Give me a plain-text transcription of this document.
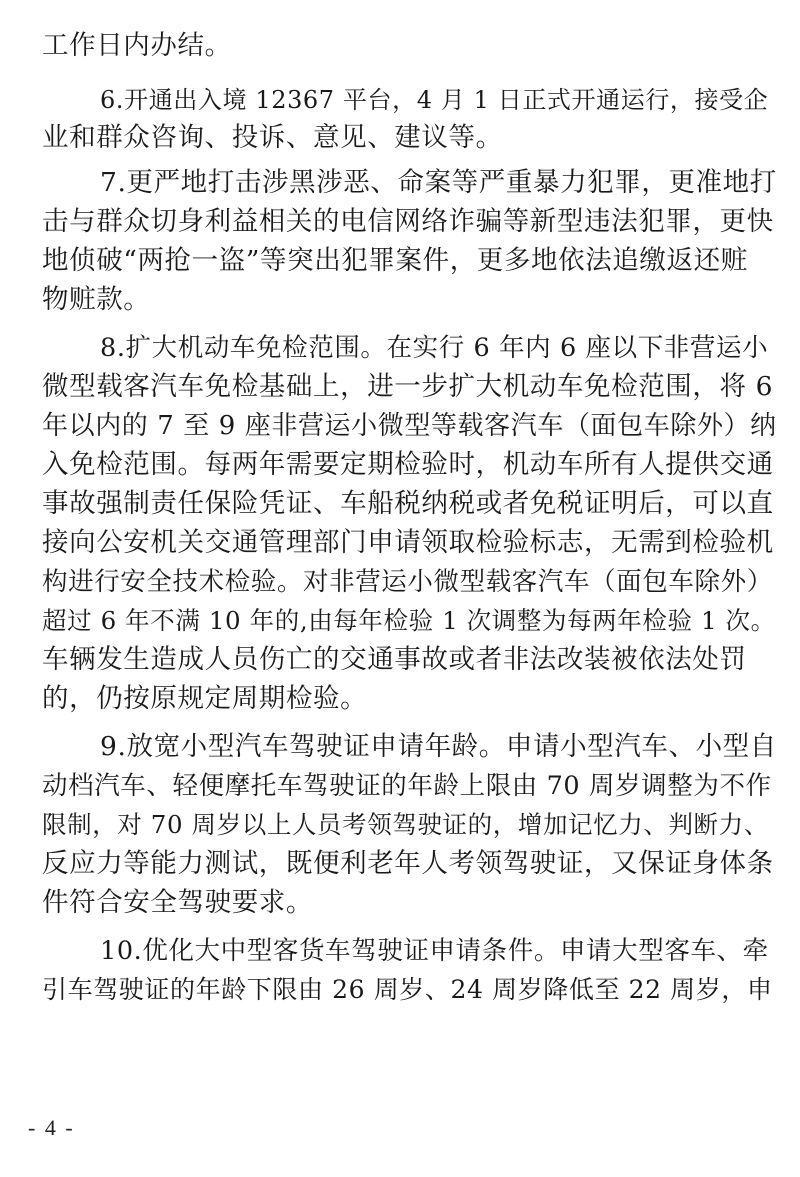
工作日内办结。
6.开通出入境 12367 平台，4 月 1 日正式开通运行，接受企
业和群众咨询、投诉、意见、建议等。
7.更严地打击涉黑涉恶、命案等严重暴力犯罪，更准地打
击与群众切身利益相关的电信网络诈骗等新型违法犯罪，更快
地侦破“两抢一盗”等突出犯罪案件，更多地依法追缴返还赃
物赃款。
8.扩大机动车免检范围。在实行 6 年内 6 座以下非营运小
微型载客汽车免检基础上，进一步扩大机动车免检范围，将 6
年以内的 7 至 9 座非营运小微型等载客汽车（面包车除外）纳
入免检范围。每两年需要定期检验时，机动车所有人提供交通
事故强制责任保险凭证、车船税纳税或者免税证明后，可以直
接向公安机关交通管理部门申请领取检验标志，无需到检验机
构进行安全技术检验。对非营运小微型载客汽车（面包车除外）
超过 6 年不满 10 年的,由每年检验 1 次调整为每两年检验 1 次。
车辆发生造成人员伤亡的交通事故或者非法改装被依法处罚
的，仍按原规定周期检验。
9.放宽小型汽车驾驶证申请年龄。申请小型汽车、小型自
动档汽车、轻便摩托车驾驶证的年龄上限由 70 周岁调整为不作
限制，对 70 周岁以上人员考领驾驶证的，增加记忆力、判断力、
反应力等能力测试，既便利老年人考领驾驶证，又保证身体条
件符合安全驾驶要求。
10.优化大中型客货车驾驶证申请条件。申请大型客车、牵
引车驾驶证的年龄下限由 26 周岁、24 周岁降低至 22 周岁，申
- 4 -
